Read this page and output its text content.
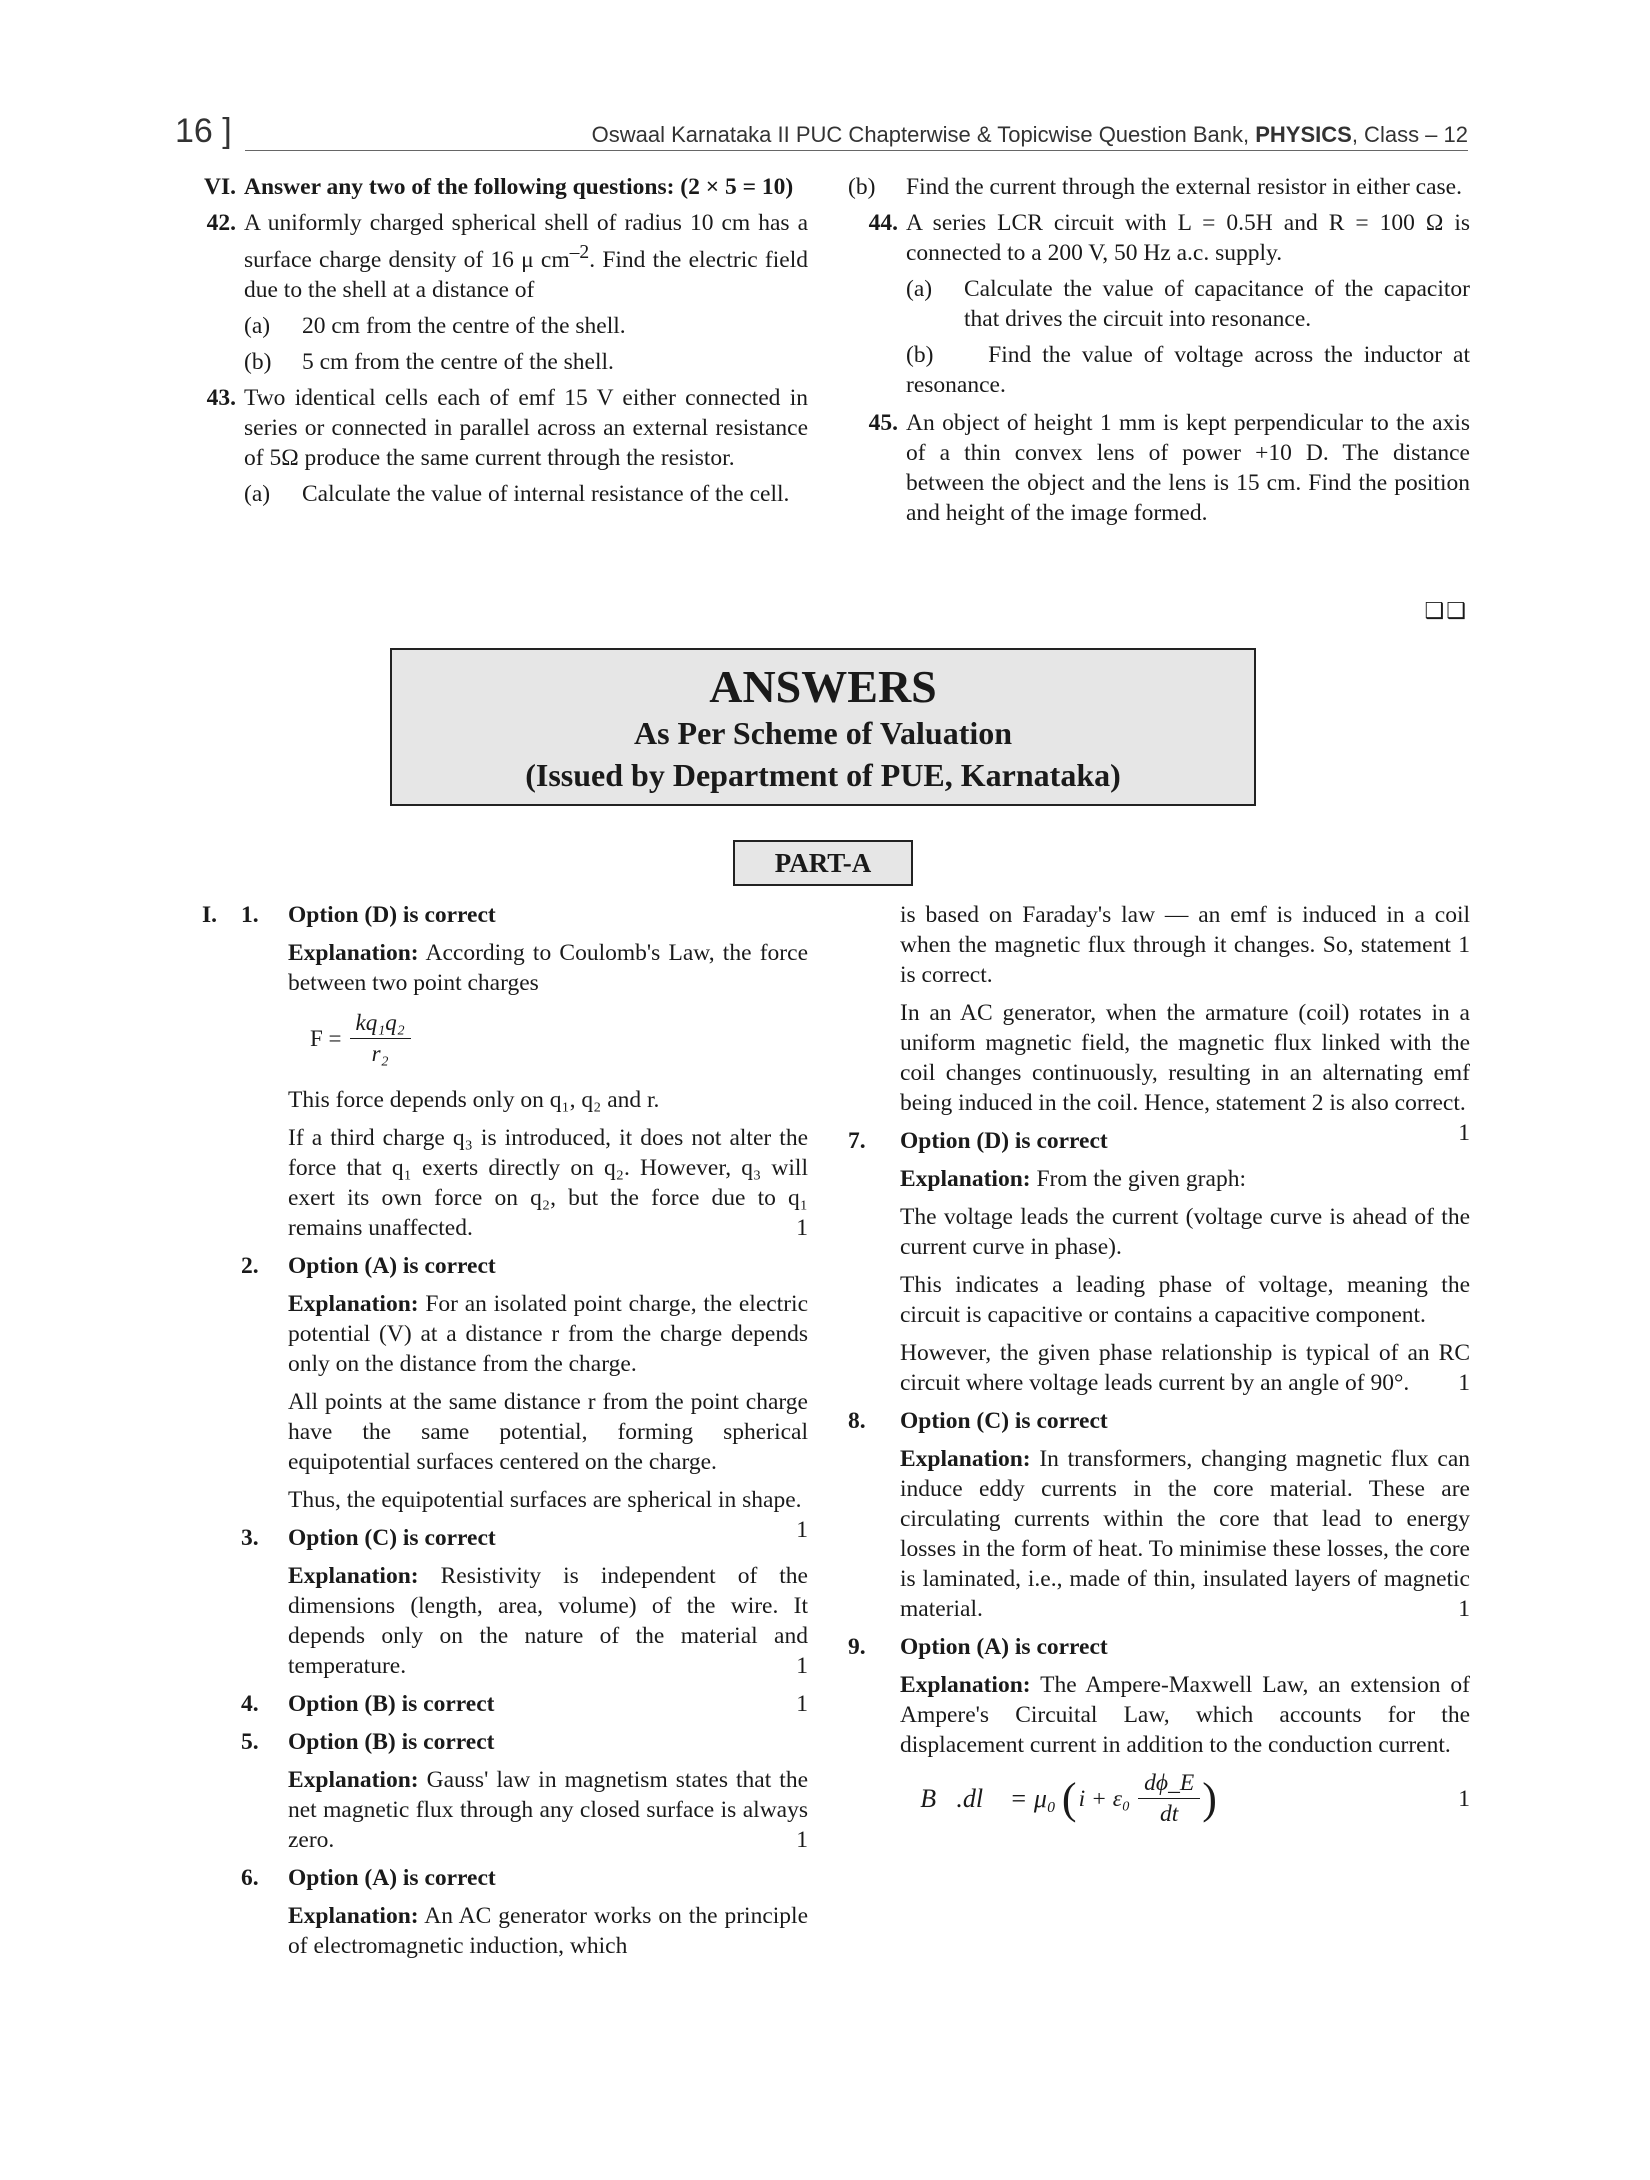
16 ]	Oswaal Karnataka II PUC Chapterwise & Topicwise Question Bank, PHYSICS, Class – 12
VI. Answer any two of the following questions: (2 × 5 = 10)
42. A uniformly charged spherical shell of radius 10 cm has a surface charge density of 16 μ $cm^{-2}$. Find the electric field due to the shell at a distance of
(a) 20 cm from the centre of the shell.
(b) 5 cm from the centre of the shell.
43. Two identical cells each of emf 15 V either connected in series or connected in parallel across an external resistance of 5Ω produce the same current through the resistor.
(a) Calculate the value of internal resistance of the cell.
(b) Find the current through the external resistor in either case.
44. A series LCR circuit with L = 0.5H and R = 100 Ω is connected to a 200 V, 50 Hz a.c. supply.
(a) Calculate the value of capacitance of the capacitor that drives the circuit into resonance.
(b)     Find the value of voltage across the inductor at resonance.
45. An object of height 1 mm is kept perpendicular to the axis of a thin convex lens of power +10 D. The distance between the object and the lens is 15 cm. Find the position and height of the image formed.
❑❑
ANSWERS
As Per Scheme of Valuation
(Issued by Department of PUE, Karnataka)
PART-A
I. 1. Option (D) is correct
Explanation: According to Coulomb's Law, the force between two point charges
$F = \frac{\text{kq₁q₂}}{\text{r₂}}$
This force depends only on q₁, q₂ and r.
If a third charge q₃ is introduced, it does not alter the force that q₁ exerts directly on q₂. However, q₃ will exert its own force on q₂, but the force due to q₁ remains unaffected.	1
2. Option (A) is correct
Explanation: For an isolated point charge, the electric potential (V) at a distance r from the charge depends only on the distance from the charge.
All points at the same distance r from the point charge have the same potential, forming spherical equipotential surfaces centered on the charge.
Thus, the equipotential surfaces are spherical in shape.
1
3. Option (C) is correct
Explanation: Resistivity is independent of the dimensions (length, area, volume) of the wire. It depends only on the nature of the material and temperature.	1
4. Option (B) is correct	1
5. Option (B) is correct
Explanation: Gauss' law in magnetism states that the net magnetic flux through any closed surface is always zero.	1
6. Option (A) is correct
Explanation: An AC generator works on the principle of electromagnetic induction, which
is based on Faraday's law — an emf is induced in a coil when the magnetic flux through it changes. So, statement 1 is correct.
In an AC generator, when the armature (coil) rotates in a uniform magnetic field, the magnetic flux linked with the coil changes continuously, resulting in an alternating emf being induced in the coil. Hence, statement 2 is also correct.
1
7. Option (D) is correct
Explanation: From the given graph:
The voltage leads the current (voltage curve is ahead of the current curve in phase).
This indicates a leading phase of voltage, meaning the circuit is capacitive or contains a capacitive component.
However, the given phase relationship is typical of an RC circuit where voltage leads current by an angle of 90°. 1
8. Option (C) is correct
Explanation: In transformers, changing magnetic flux can induce eddy currents in the core material. These are circulating currents within the core that lead to energy losses in the form of heat. To minimise these losses, the core is laminated, i.e., made of thin, insulated layers of magnetic material.	1
9. Option (A) is correct
Explanation: The Ampere-Maxwell Law, an extension of Ampere's Circuital Law, which accounts for the displacement current in addition to the conduction current.
∮B⃗.dl⃗ = μ₀ ( $i + \varepsilon_0 \frac{d\phi\_E}{dt}$ )	1
